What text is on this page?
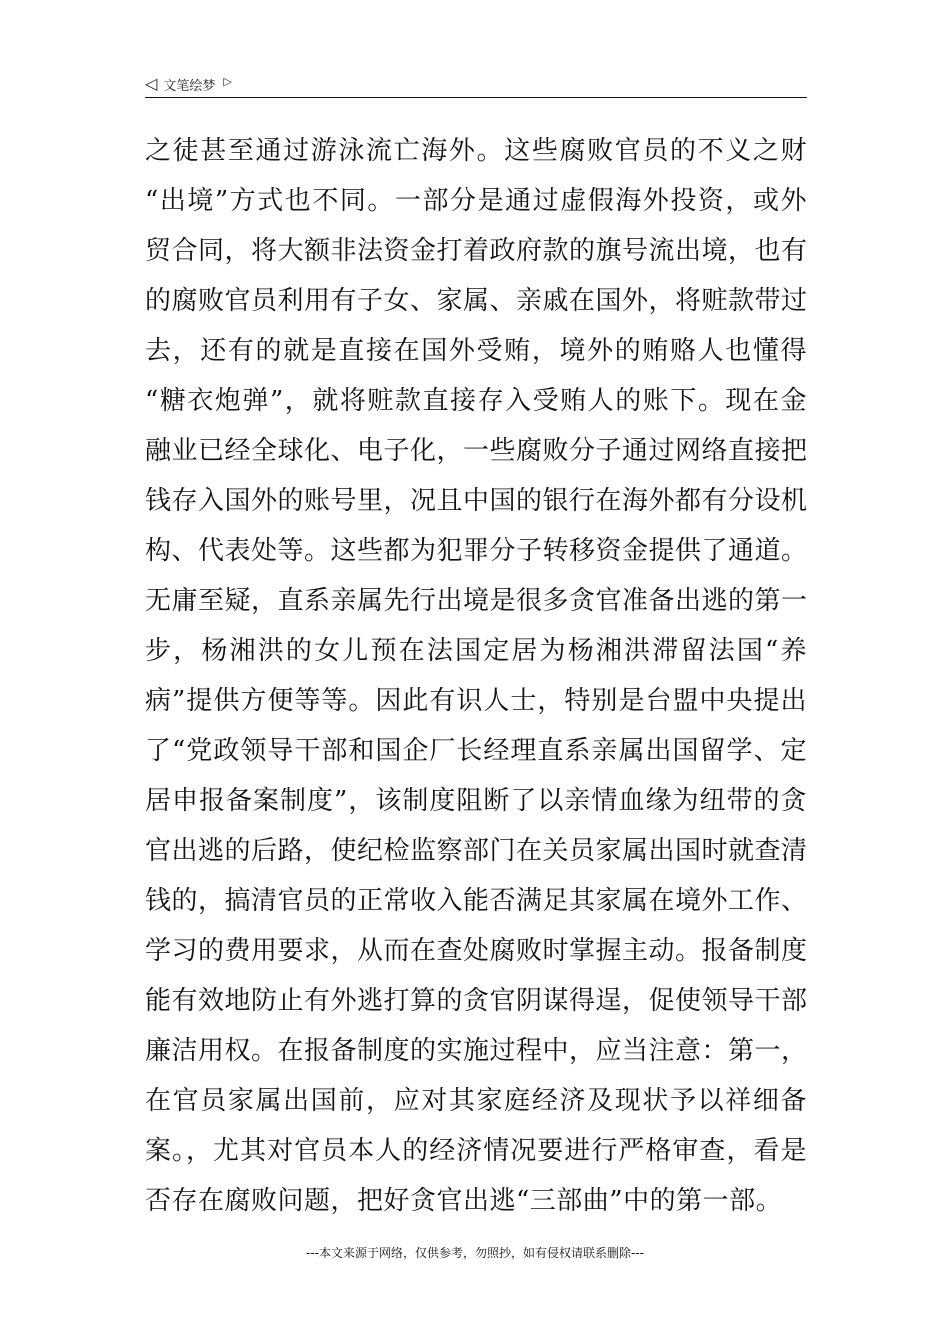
◁ 文笔绘梦 ▷
之徒甚至通过游泳流亡海外。这些腐败官员的不义之财
“出境”方式也不同。一部分是通过虚假海外投资，或外
贸合同，将大额非法资金打着政府款的旗号流出境，也有
的腐败官员利用有子女、家属、亲戚在国外，将赃款带过
去，还有的就是直接在国外受贿，境外的贿赂人也懂得
“糖衣炮弹”，就将赃款直接存入受贿人的账下。现在金
融业已经全球化、电子化，一些腐败分子通过网络直接把
钱存入国外的账号里，况且中国的银行在海外都有分设机
构、代表处等。这些都为犯罪分子转移资金提供了通道。
无庸至疑，直系亲属先行出境是很多贪官准备出逃的第一
步，杨湘洪的女儿预在法国定居为杨湘洪滞留法国“养
病”提供方便等等。因此有识人士，特别是台盟中央提出
了“党政领导干部和国企厂长经理直系亲属出国留学、定
居申报备案制度”，该制度阻断了以亲情血缘为纽带的贪
官出逃的后路，使纪检监察部门在关员家属出国时就查清
钱的，搞清官员的正常收入能否满足其家属在境外工作、
学习的费用要求，从而在查处腐败时掌握主动。报备制度
能有效地防止有外逃打算的贪官阴谋得逞，促使领导干部
廉洁用权。在报备制度的实施过程中，应当注意：第一，
在官员家属出国前，应对其家庭经济及现状予以祥细备
案。，尤其对官员本人的经济情况要进行严格审查，看是
否存在腐败问题，把好贪官出逃“三部曲”中的第一部。
---本文来源于网络，仅供参考，勿照抄，如有侵权请联系删除---
